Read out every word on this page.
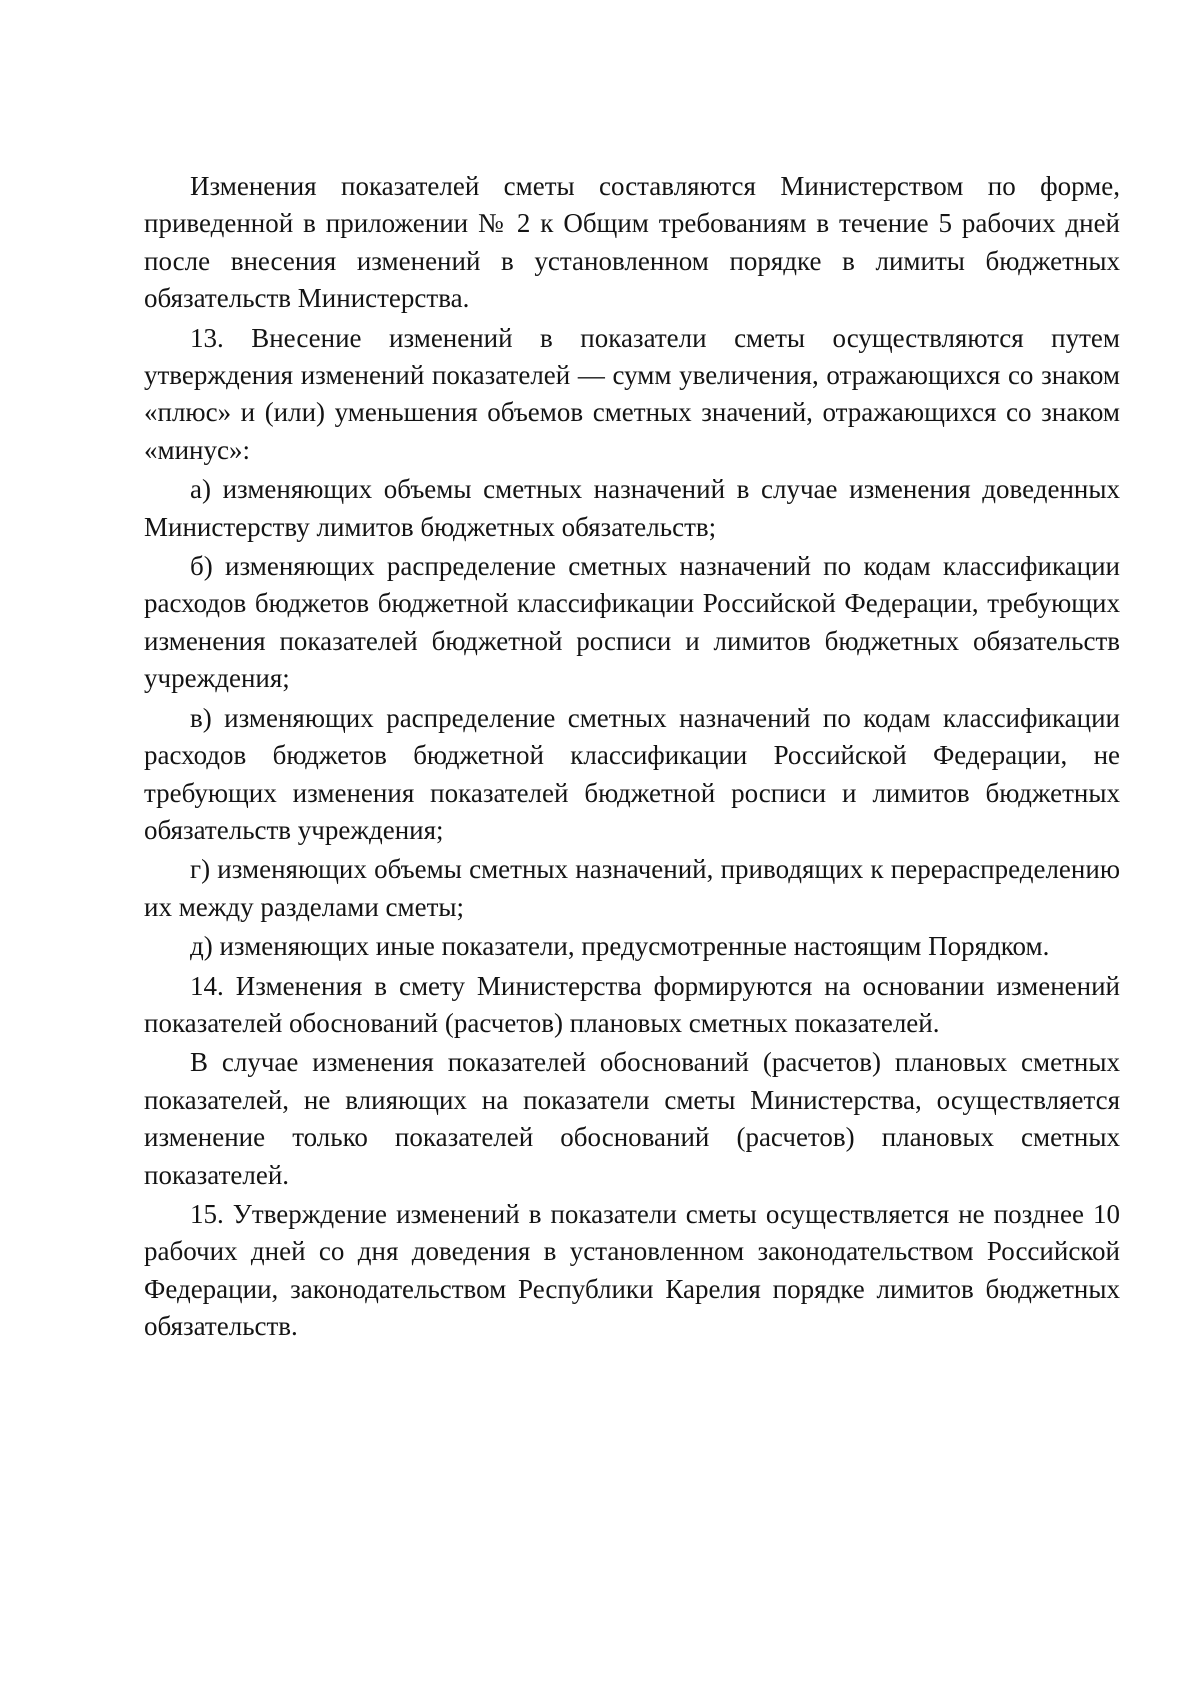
Изменения показателей сметы составляются Министерством по форме, приведенной в приложении № 2 к Общим требованиям в течение 5 рабочих дней после внесения изменений в установленном порядке в лимиты бюджетных обязательств Министерства.

13. Внесение изменений в показатели сметы осуществляются путем утверждения изменений показателей — сумм увеличения, отражающихся со знаком «плюс» и (или) уменьшения объемов сметных значений, отражающихся со знаком «минус»:

а) изменяющих объемы сметных назначений в случае изменения доведенных Министерству лимитов бюджетных обязательств;

б) изменяющих распределение сметных назначений по кодам классификации расходов бюджетов бюджетной классификации Российской Федерации, требующих изменения показателей бюджетной росписи и лимитов бюджетных обязательств учреждения;

в) изменяющих распределение сметных назначений по кодам классификации расходов бюджетов бюджетной классификации Российской Федерации, не требующих изменения показателей бюджетной росписи и лимитов бюджетных обязательств учреждения;

г) изменяющих объемы сметных назначений, приводящих к перераспределению их между разделами сметы;

д) изменяющих иные показатели, предусмотренные настоящим Порядком.

14. Изменения в смету Министерства формируются на основании изменений показателей обоснований (расчетов) плановых сметных показателей.

В случае изменения показателей обоснований (расчетов) плановых сметных показателей, не влияющих на показатели сметы Министерства, осуществляется изменение только показателей обоснований (расчетов) плановых сметных показателей.

15. Утверждение изменений в показатели сметы осуществляется не позднее 10 рабочих дней со дня доведения в установленном законодательством Российской Федерации, законодательством Республики Карелия порядке лимитов бюджетных обязательств.
